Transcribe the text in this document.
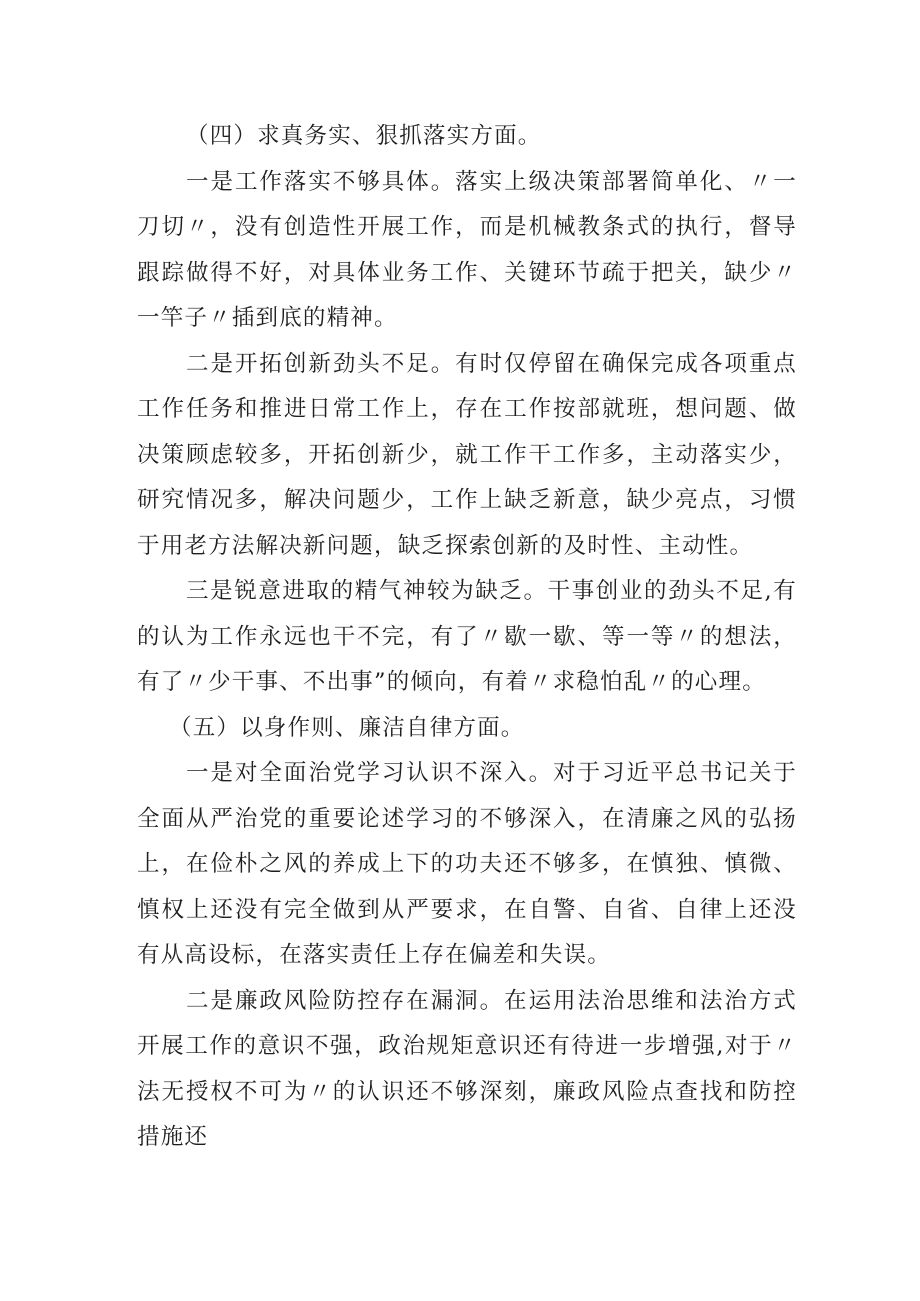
（四）求真务实、狠抓落实方面。

一是工作落实不够具体。落实上级决策部署简单化、〃一刀切〃，没有创造性开展工作，而是机械教条式的执行，督导跟踪做得不好，对具体业务工作、关键环节疏于把关，缺少〃一竿子〃插到底的精神。

二是开拓创新劲头不足。有时仅停留在确保完成各项重点工作任务和推进日常工作上，存在工作按部就班，想问题、做决策顾虑较多，开拓创新少，就工作干工作多，主动落实少，研究情况多，解决问题少，工作上缺乏新意，缺少亮点，习惯于用老方法解决新问题，缺乏探索创新的及时性、主动性。

三是锐意进取的精气神较为缺乏。干事创业的劲头不足,有的认为工作永远也干不完，有了〃歇一歇、等一等〃的想法，有了〃少干事、不出事”的倾向，有着〃求稳怕乱〃的心理。

（五）以身作则、廉洁自律方面。

一是对全面治党学习认识不深入。对于习近平总书记关于全面从严治党的重要论述学习的不够深入，在清廉之风的弘扬上，在俭朴之风的养成上下的功夫还不够多，在慎独、慎微、慎权上还没有完全做到从严要求，在自警、自省、自律上还没有从高设标，在落实责任上存在偏差和失误。

二是廉政风险防控存在漏洞。在运用法治思维和法治方式开展工作的意识不强，政治规矩意识还有待进一步增强,对于〃法无授权不可为〃的认识还不够深刻，廉政风险点查找和防控措施还
